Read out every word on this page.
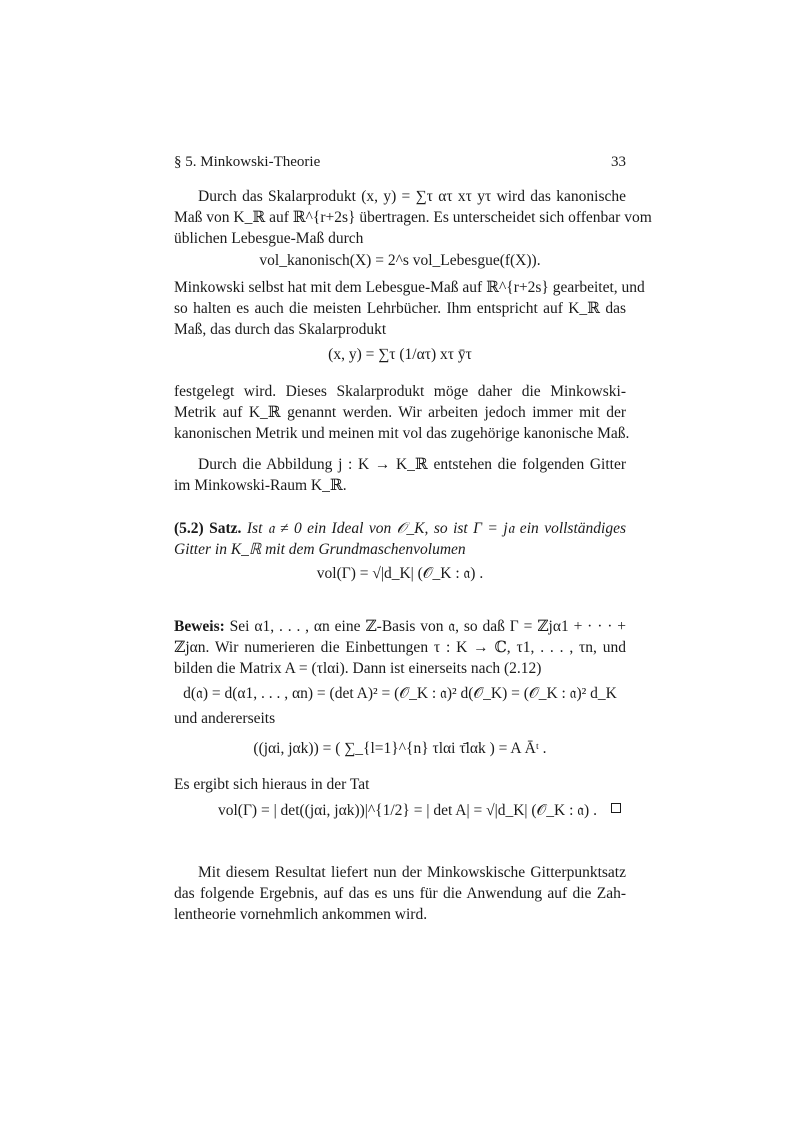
§ 5. Minkowski-Theorie	33
Durch das Skalarprodukt (x, y) = ∑τ ατ xτ yτ wird das kanonische
Maß von K_ℝ auf ℝ^{r+2s} übertragen. Es unterscheidet sich offenbar vom
üblichen Lebesgue-Maß durch
vol_kanonisch(X) = 2^s vol_Lebesgue(f(X)).
Minkowski selbst hat mit dem Lebesgue-Maß auf ℝ^{r+2s} gearbeitet, und
so halten es auch die meisten Lehrbücher. Ihm entspricht auf K_ℝ das
Maß, das durch das Skalarprodukt
(x, y) = ∑τ (1/ατ) xτ ȳτ
festgelegt wird. Dieses Skalarprodukt möge daher die Minkowski-
Metrik auf K_ℝ genannt werden. Wir arbeiten jedoch immer mit der
kanonischen Metrik und meinen mit vol das zugehörige kanonische Maß.
Durch die Abbildung j : K → K_ℝ entstehen die folgenden Gitter
im Minkowski-Raum K_ℝ.
(5.2) Satz. Ist 𝔞 ≠ 0 ein Ideal von 𝒪_K, so ist Γ = j𝔞 ein vollständiges
Gitter in K_ℝ mit dem Grundmaschenvolumen
vol(Γ) = √|d_K| (𝒪_K : 𝔞) .
Beweis: Sei α1, . . . , αn eine ℤ-Basis von 𝔞, so daß Γ = ℤjα1 + · · · +
ℤjαn. Wir numerieren die Einbettungen τ : K → ℂ, τ1, . . . , τn, und
bilden die Matrix A = (τlαi). Dann ist einerseits nach (2.12)
d(𝔞) = d(α1, . . . , αn) = (det A)² = (𝒪_K : 𝔞)² d(𝒪_K) = (𝒪_K : 𝔞)² d_K
und andererseits
((jαi, jαk)) = ( ∑_{l=1}^{n} τlαi τ̄lαk ) = A Āᵗ .
Es ergibt sich hieraus in der Tat
vol(Γ) = | det((jαi, jαk))|^{1/2} = | det A| = √|d_K| (𝒪_K : 𝔞) .
Mit diesem Resultat liefert nun der Minkowskische Gitterpunktsatz
das folgende Ergebnis, auf das es uns für die Anwendung auf die Zah-
lentheorie vornehmlich ankommen wird.
